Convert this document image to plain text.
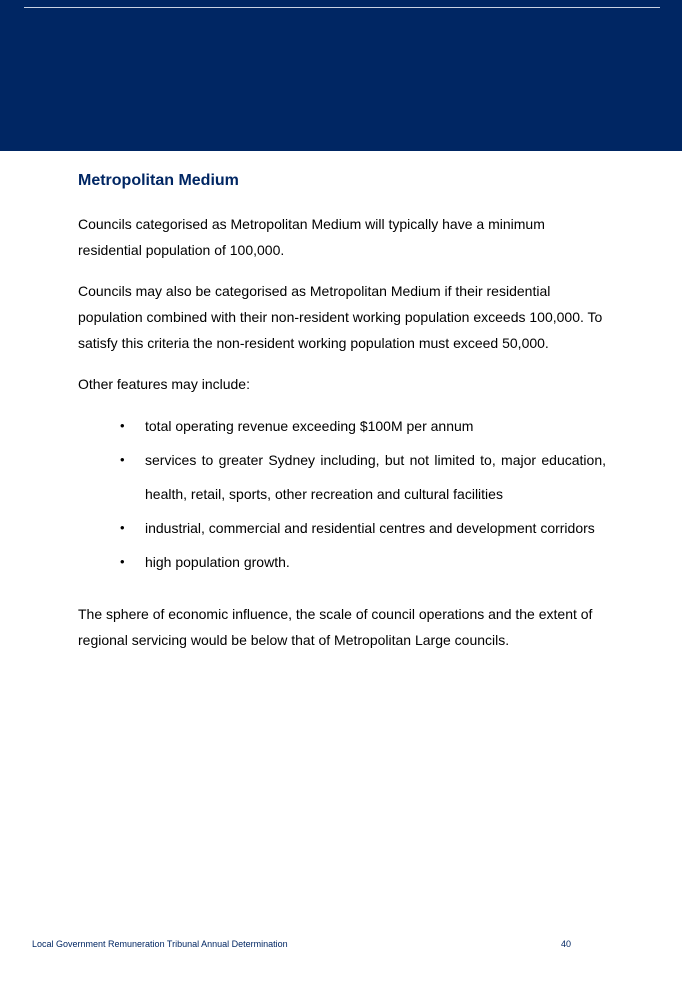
Metropolitan Medium

Councils categorised as Metropolitan Medium will typically have a minimum residential population of 100,000.

Councils may also be categorised as Metropolitan Medium if their residential population combined with their non-resident working population exceeds 100,000. To satisfy this criteria the non-resident working population must exceed 50,000.

Other features may include:

• total operating revenue exceeding $100M per annum
• services to greater Sydney including, but not limited to, major education, health, retail, sports, other recreation and cultural facilities
• industrial, commercial and residential centres and development corridors
• high population growth.

The sphere of economic influence, the scale of council operations and the extent of regional servicing would be below that of Metropolitan Large councils.

Local Government Remuneration Tribunal Annual Determination	40
